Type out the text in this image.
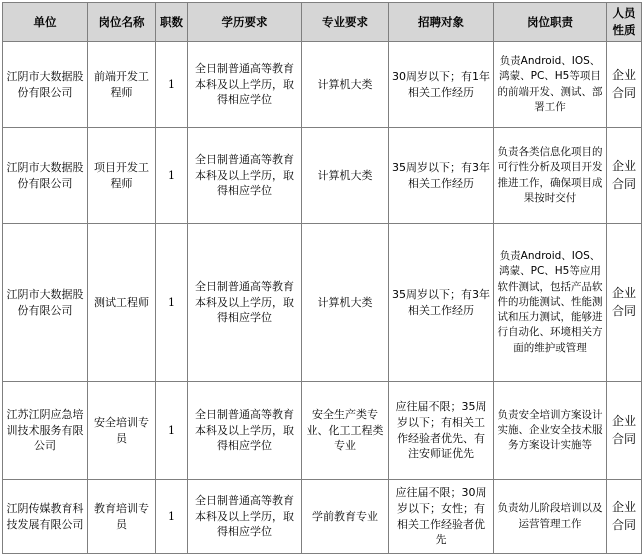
单位	岗位名称	职数	学历要求	专业要求	招聘对象	岗位职责	人员性质
江阴市大数据股份有限公司	前端开发工程师	1	全日制普通高等教育本科及以上学历，取得相应学位	计算机大类	30周岁以下；有1年相关工作经历	负责Android、IOS、鸿蒙、PC、H5等项目的前端开发、测试、部署工作	企业合同
江阴市大数据股份有限公司	项目开发工程师	1	全日制普通高等教育本科及以上学历，取得相应学位	计算机大类	35周岁以下；有3年相关工作经历	负责各类信息化项目的可行性分析及项目开发推进工作，确保项目成果按时交付	企业合同
江阴市大数据股份有限公司	测试工程师	1	全日制普通高等教育本科及以上学历，取得相应学位	计算机大类	35周岁以下；有3年相关工作经历	负责Android、IOS、鸿蒙、PC、H5等应用软件测试，包括产品软件的功能测试、性能测试和压力测试，能够进行自动化、环境相关方面的维护或管理	企业合同
江苏江阴应急培训技术服务有限公司	安全培训专员	1	全日制普通高等教育本科及以上学历，取得相应学位	安全生产类专业、化工工程类专业	应往届不限；35周岁以下；有相关工作经验者优先、有注安师证优先	负责安全培训方案设计实施、企业安全技术服务方案设计实施等	企业合同
江阴传媒教育科技发展有限公司	教育培训专员	1	全日制普通高等教育本科及以上学历，取得相应学位	学前教育专业	应往届不限；30周岁以下；女性；有相关工作经验者优先	负责幼儿阶段培训以及运营管理工作	企业合同
